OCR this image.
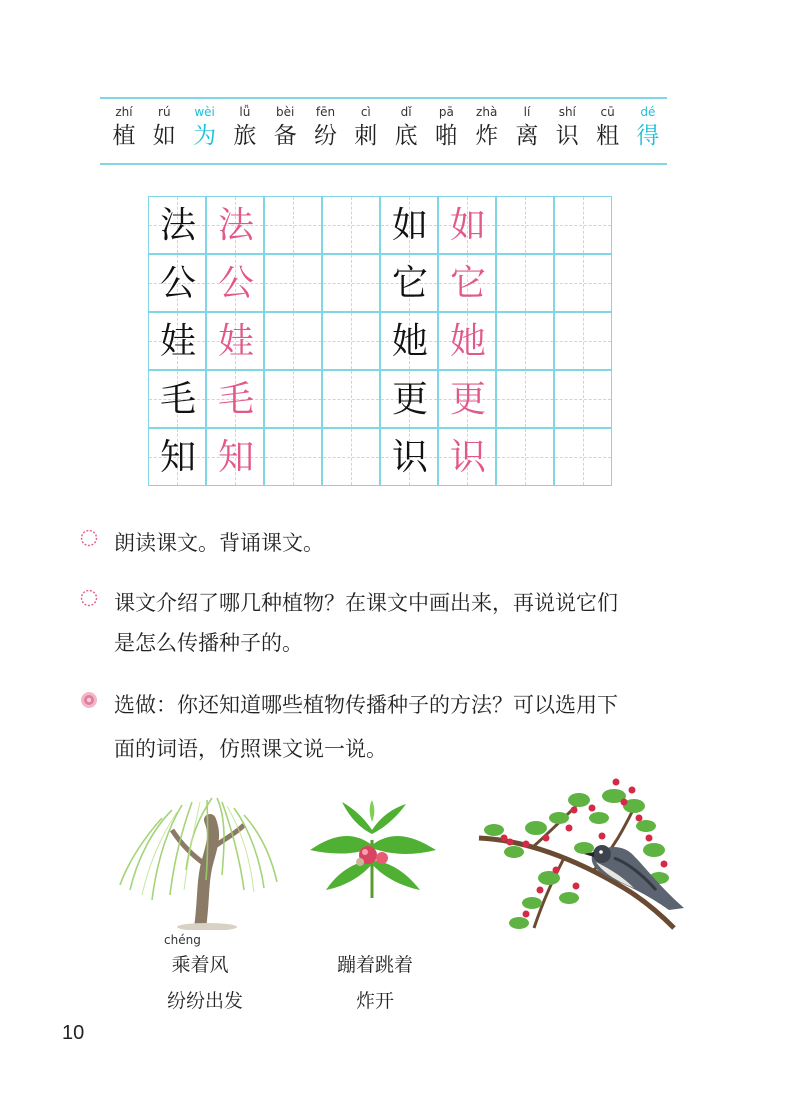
zhí
植
rú
如
wèi
为
lǚ
旅
bèi
备
fēn
纷
cì
刺
dǐ
底
pā
啪
zhà
炸
lí
离
shí
识
cū
粗
dé
得
法 法	如 如
公 公	它 它
娃 娃	她 她
毛 毛	更 更
知 知	识 识
朗读课文。背诵课文。
课文介绍了哪几种植物？在课文中画出来，再说说它们
是怎么传播种子的。
选做：你还知道哪些植物传播种子的方法？可以选用下
面的词语，仿照课文说一说。
chéng
乘着风
纷纷出发
蹦着跳着
炸开
10
